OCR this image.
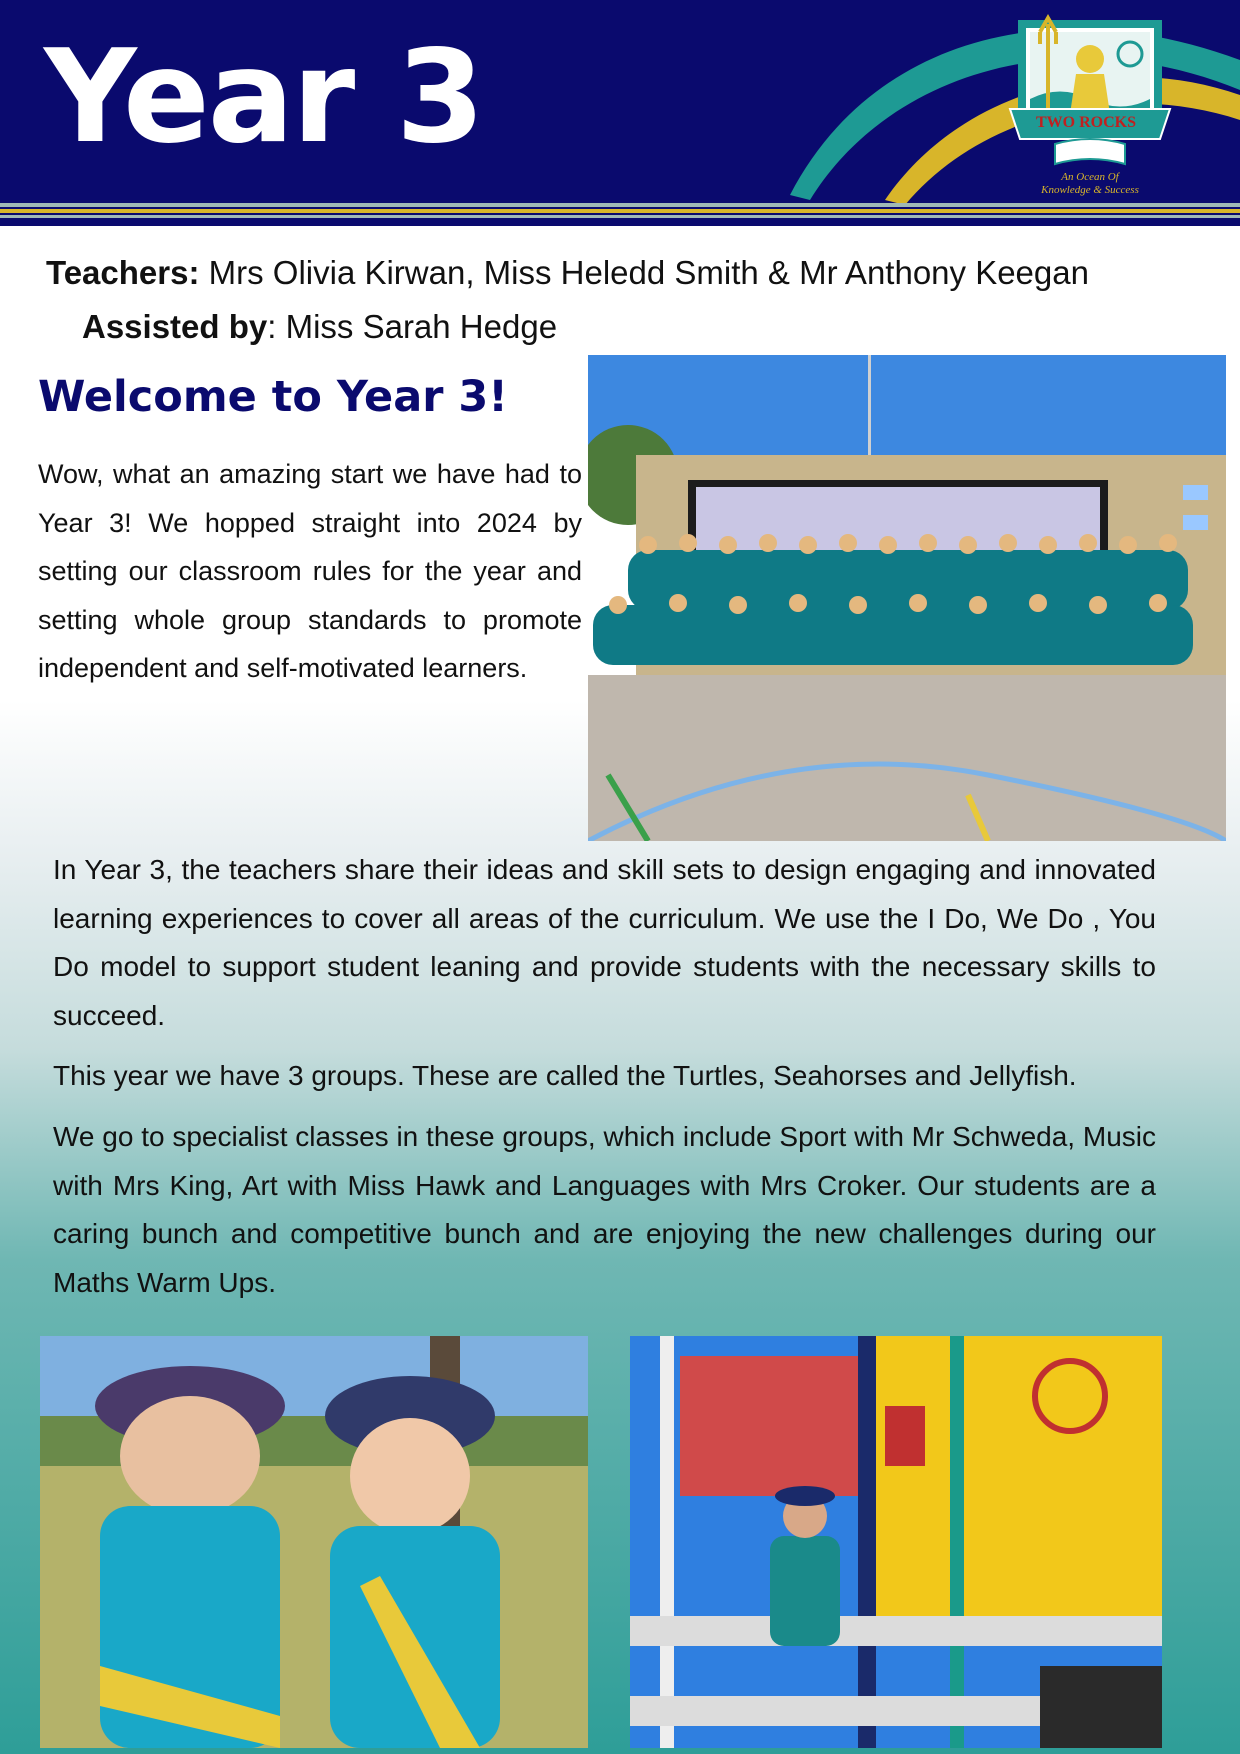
Year 3	TWO ROCKS
An Ocean Of
Knowledge & Success
Teachers: Mrs Olivia Kirwan, Miss Heledd Smith & Mr Anthony Keegan
Assisted by: Miss Sarah Hedge
Welcome to Year 3!
Wow, what an amazing start we have had to Year 3! We hopped straight into 2024 by setting our classroom rules for the year and setting whole group standards to promote independent and self-motivated learners.

In Year 3, the teachers share their ideas and skill sets to design engaging and innovated learning experiences to cover all areas of the curriculum. We use the I Do, We Do , You Do model to support student leaning and provide students with the necessary skills to succeed.

This year we have 3 groups. These are called the Turtles, Seahorses and Jellyfish.

We go to specialist classes in these groups, which include Sport with Mr Schweda, Music with Mrs King, Art with Miss Hawk and Languages with Mrs Croker. Our students are a caring bunch and competitive bunch and are enjoying the new challenges during our Maths Warm Ups.
